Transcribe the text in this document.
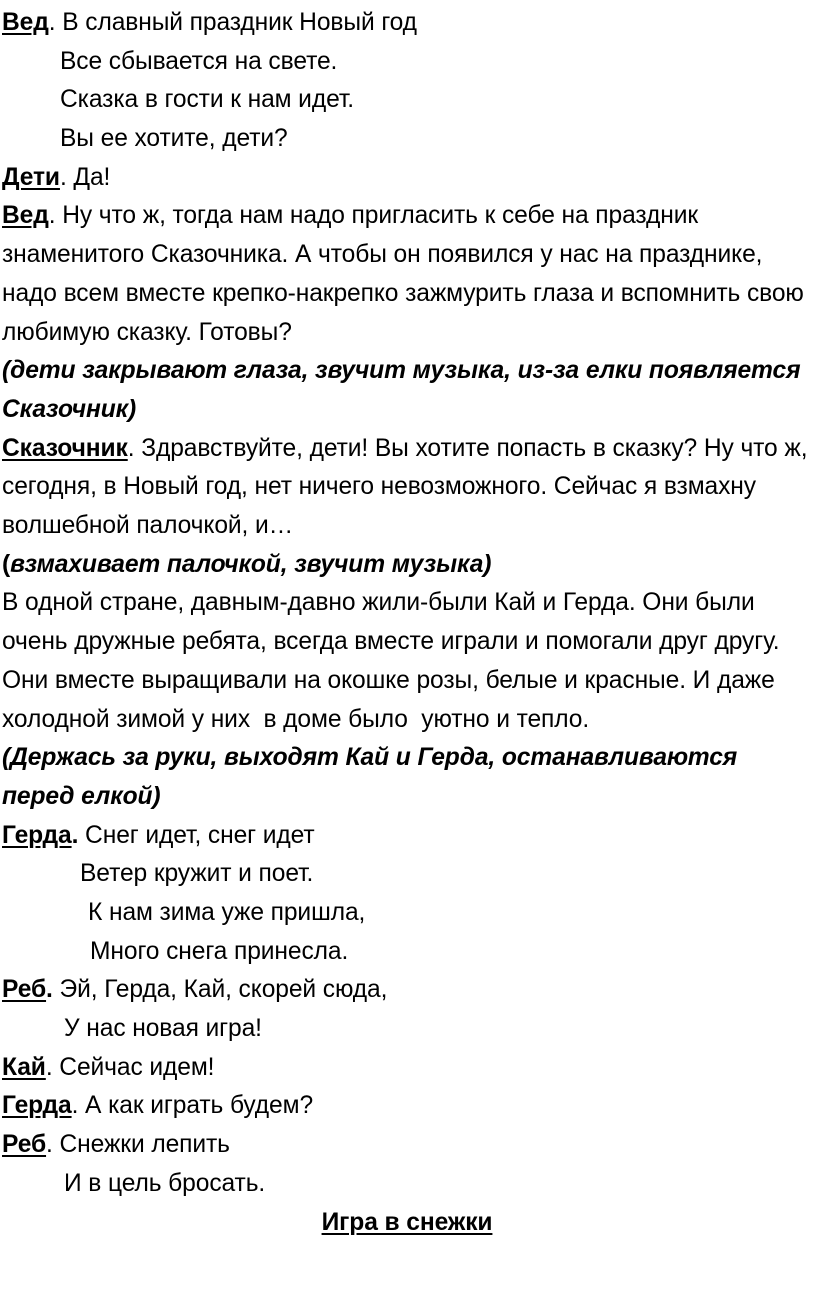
Вед. В славный праздник Новый год
Все сбывается на свете.
Сказка в гости к нам идет.
Вы ее хотите, дети?
Дети. Да!
Вед. Ну что ж, тогда нам надо пригласить к себе на праздник знаменитого Сказочника. А чтобы он появился у нас на празднике, надо всем вместе крепко-накрепко зажмурить глаза и вспомнить свою любимую сказку. Готовы?
(дети закрывают глаза, звучит музыка, из-за елки появляется Сказочник)
Сказочник. Здравствуйте, дети! Вы хотите попасть в сказку? Ну что ж, сегодня, в Новый год, нет ничего невозможного. Сейчас я взмахну волшебной палочкой, и…
(взмахивает палочкой, звучит музыка)
В одной стране, давным-давно жили-были Кай и Герда. Они были очень дружные ребята, всегда вместе играли и помогали друг другу. Они вместе выращивали на окошке розы, белые и красные. И даже холодной зимой у них  в доме было  уютно и тепло.
(Держась за руки, выходят Кай и Герда, останавливаются перед елкой)
Герда. Снег идет, снег идет
Ветер кружит и поет.
К нам зима уже пришла,
Много снега принесла.
Реб. Эй, Герда, Кай, скорей сюда,
У нас новая игра!
Кай. Сейчас идем!
Герда. А как играть будем?
Реб. Снежки лепить
И в цель бросать.
Игра в снежки
